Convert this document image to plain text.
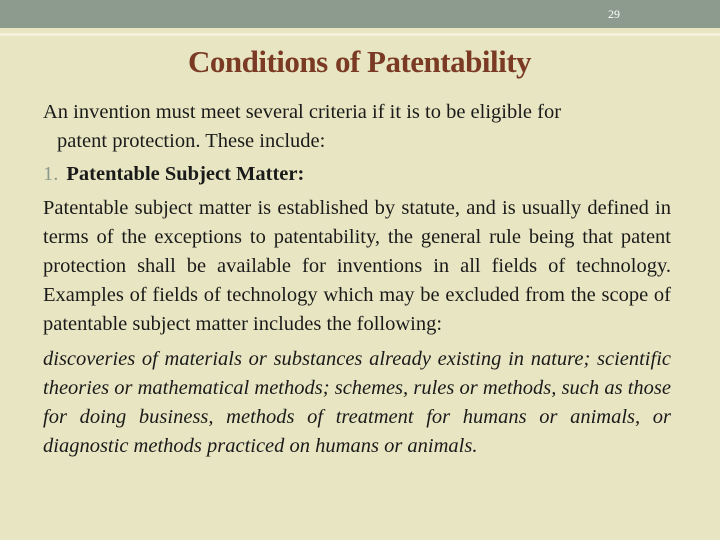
29
Conditions of Patentability
An invention must meet several criteria if it is to be eligible for
patent protection. These include:
1. Patentable Subject Matter:
Patentable subject matter is established by statute, and is usually defined in terms of the exceptions to patentability, the general rule being that patent protection shall be available for inventions in all fields of technology. Examples of fields of technology which may be excluded from the scope of patentable subject matter includes the following:
discoveries of materials or substances already existing in nature; scientific theories or mathematical methods; schemes, rules or methods, such as those for doing business, methods of treatment for humans or animals, or diagnostic methods practiced on humans or animals.
